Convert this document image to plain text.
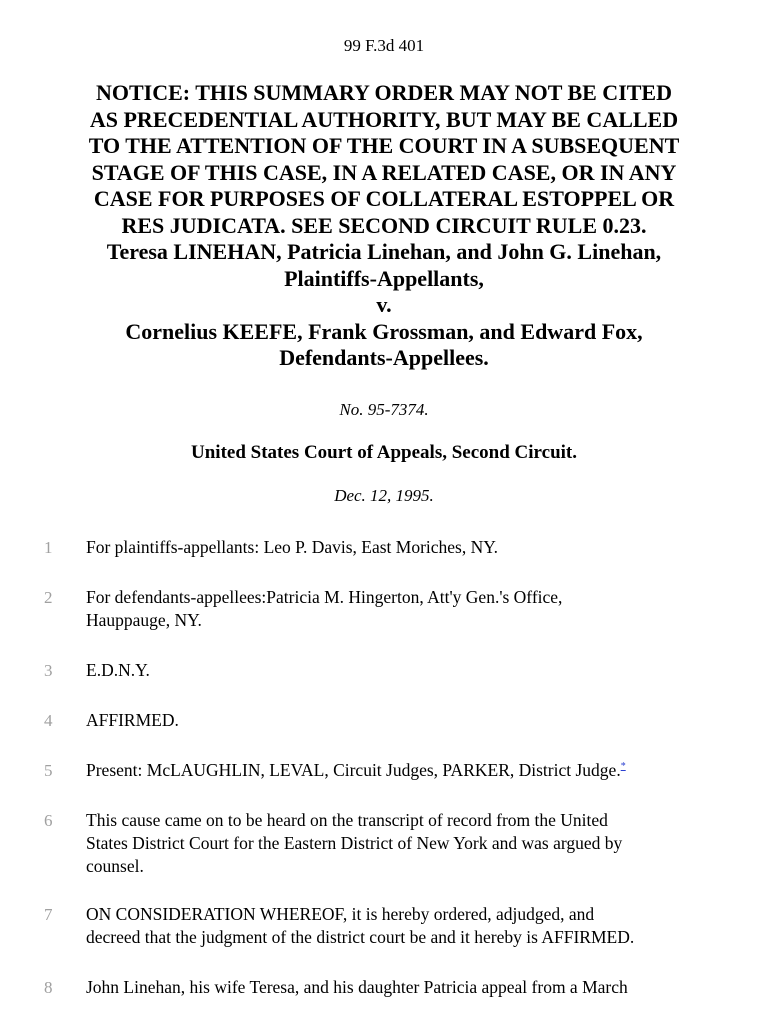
99 F.3d 401
NOTICE: THIS SUMMARY ORDER MAY NOT BE CITED
AS PRECEDENTIAL AUTHORITY, BUT MAY BE CALLED
TO THE ATTENTION OF THE COURT IN A SUBSEQUENT
STAGE OF THIS CASE, IN A RELATED CASE, OR IN ANY
CASE FOR PURPOSES OF COLLATERAL ESTOPPEL OR
RES JUDICATA. SEE SECOND CIRCUIT RULE 0.23.
Teresa LINEHAN, Patricia Linehan, and John G. Linehan,
Plaintiffs-Appellants,
v.
Cornelius KEEFE, Frank Grossman, and Edward Fox,
Defendants-Appellees.
No. 95-7374.
United States Court of Appeals, Second Circuit.
Dec. 12, 1995.
1	For plaintiffs-appellants: Leo P. Davis, East Moriches, NY.
2	For defendants-appellees:Patricia M. Hingerton, Att'y Gen.'s Office,
Hauppauge, NY.
3	E.D.N.Y.
4	AFFIRMED.
5	Present: McLAUGHLIN, LEVAL, Circuit Judges, PARKER, District Judge.*
6	This cause came on to be heard on the transcript of record from the United
States District Court for the Eastern District of New York and was argued by
counsel.
7	ON CONSIDERATION WHEREOF, it is hereby ordered, adjudged, and
decreed that the judgment of the district court be and it hereby is AFFIRMED.
8	John Linehan, his wife Teresa, and his daughter Patricia appeal from a March
